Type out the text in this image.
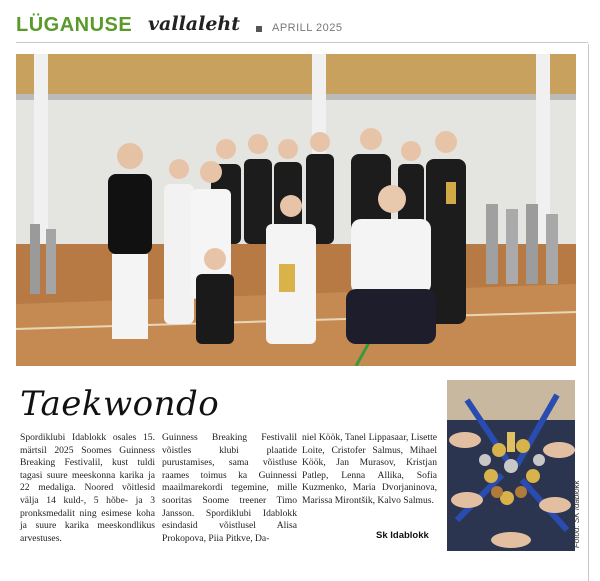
LÜGANUSE vallaleht	APRILL 2025
Taekwondo
Spordiklubi Idablokk osales 15. märtsil 2025 Soomes Guinness Breaking Festivalil, kust tuldi tagasi suure meeskonna karika ja 22 medaliga. Noored võitlesid välja 14 kuld-, 5 hõbe- ja 3 pronksmedalit ning esimese koha ja suure karika meeskondlikus arvestuses.
Guinness Breaking Festivalil võistles klubi plaatide purustamises, sama võistluse raames toimus ka Guinnessi maailmarekordi tegemine, mille sooritas Soome treener Timo Jansson. Spordiklubi Idablokk esindasid võistlusel Alisa Prokopova, Piia Pitkve, Da-
niel Köök, Tanel Lippasaar, Lisette Loite, Cristofer Salmus, Mihael Köök, Jan Murasov, Kristjan Patlep, Lenna Allika, Sofia Kuzmenko, Maria Dvorjaninova, Marissa Mirontšik, Kalvo Salmus.
Sk Idablokk	Fotod: SK Idablokk
